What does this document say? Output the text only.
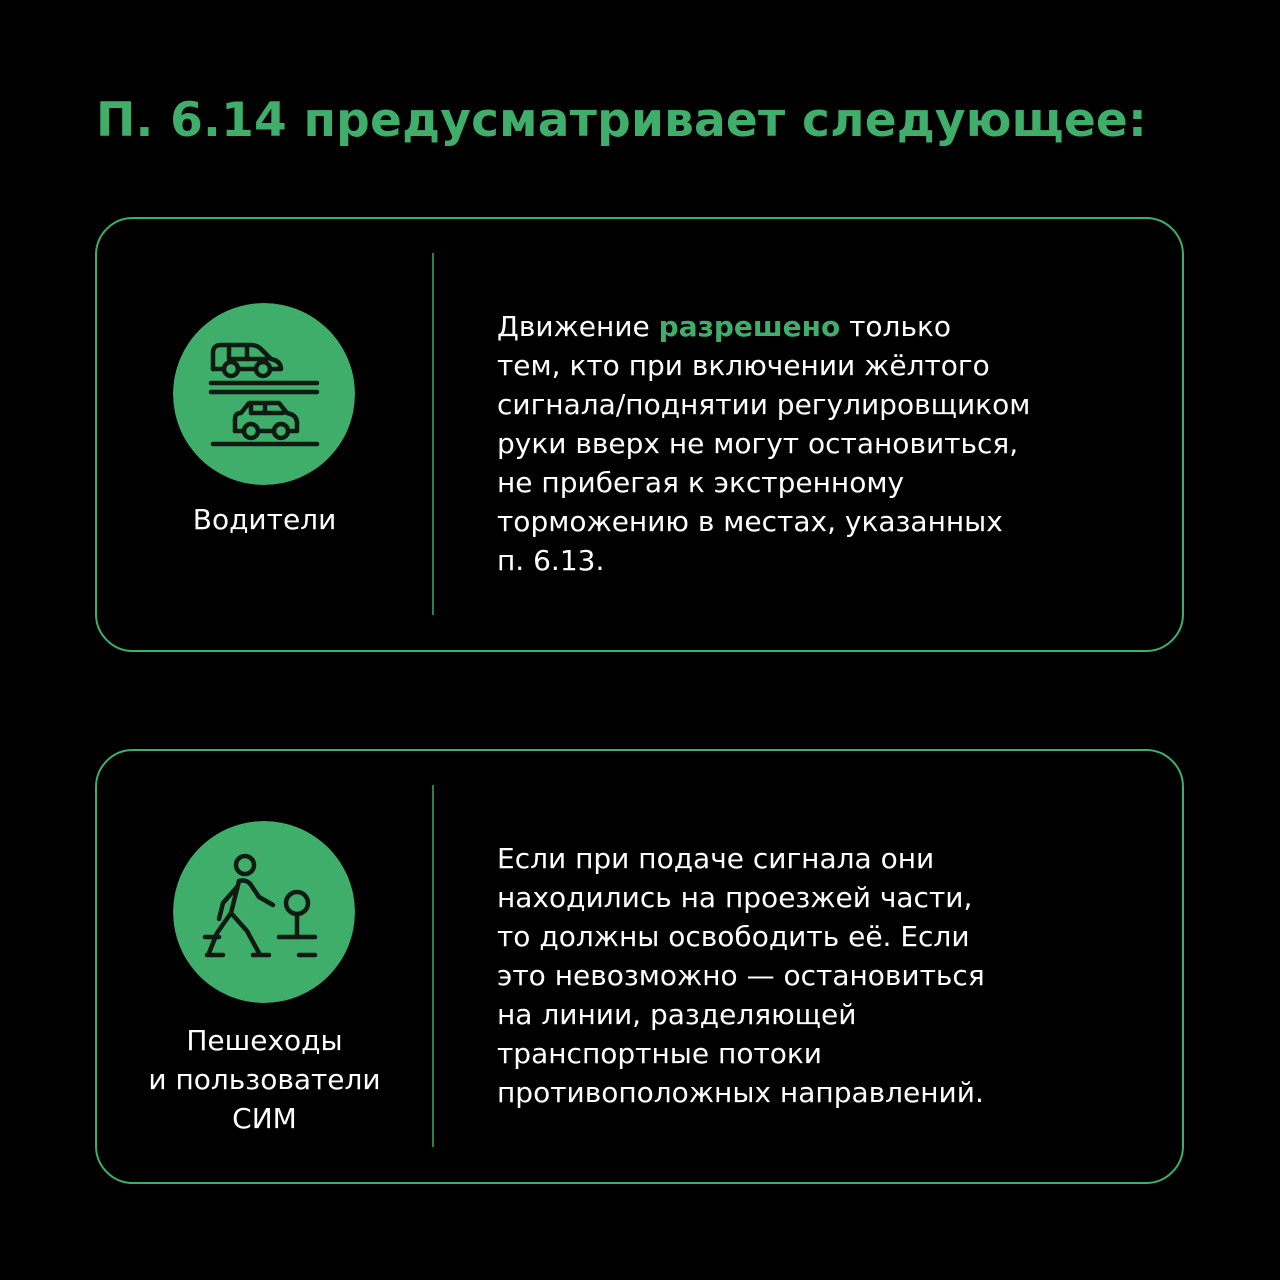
П. 6.14 предусматривает следующее:

Водители

Движение разрешено только
тем, кто при включении жёлтого
сигнала/поднятии регулировщиком
руки вверх не могут остановиться,
не прибегая к экстренному
торможению в местах, указанных
п. 6.13.

Пешеходы
и пользователи
СИМ

Если при подаче сигнала они
находились на проезжей части,
то должны освободить её. Если
это невозможно — остановиться
на линии, разделяющей
транспортные потоки
противоположных направлений.
